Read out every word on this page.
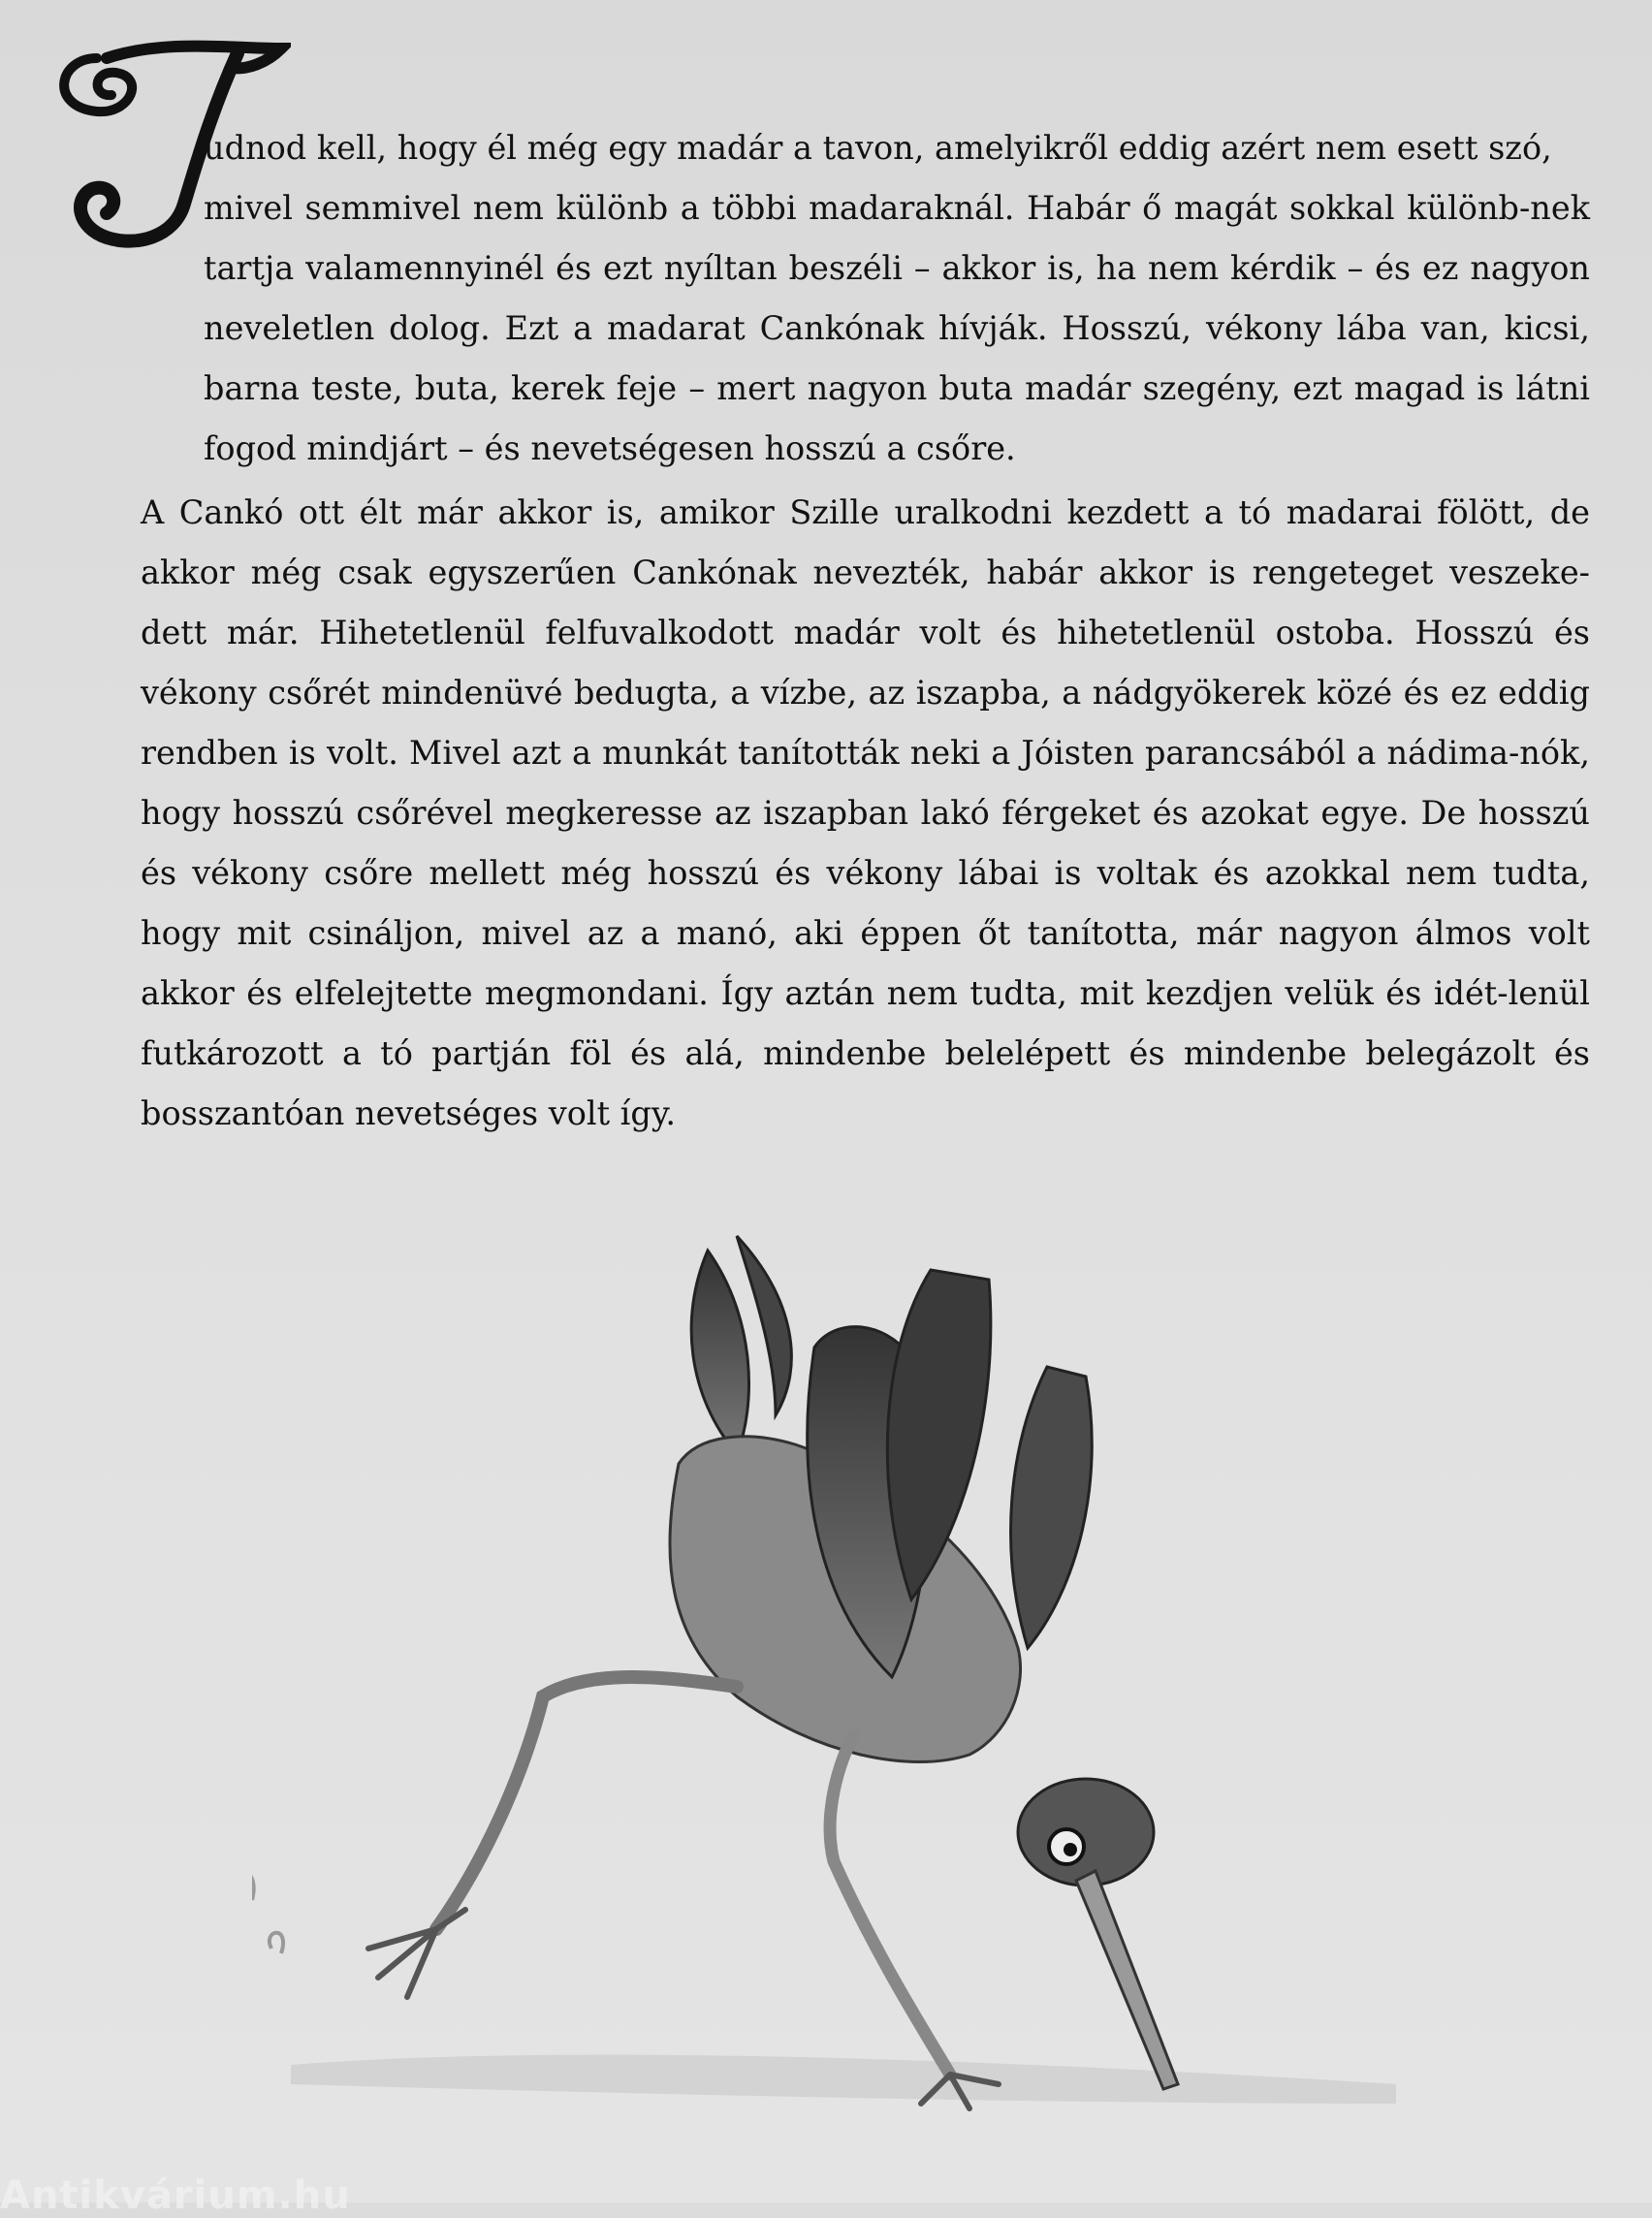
T

udnod kell, hogy él még egy madár a tavon, amelyikről eddig azért nem esett szó,
mivel semmivel nem különb a többi madaraknál. Habár ő magát sokkal különb-nek tartja valamennyinél és ezt nyíltan beszéli – akkor is, ha nem kérdik – és ez nagyon neveletlen dolog. Ezt a madarat Cankónak hívják. Hosszú, vékony lába van, kicsi, barna teste, buta, kerek feje – mert nagyon buta madár szegény, ezt magad is látni fogod mindjárt – és nevetségesen hosszú a csőre.

A Cankó ott élt már akkor is, amikor Szille uralkodni kezdett a tó madarai fölött, de akkor még csak egyszerűen Cankónak nevezték, habár akkor is rengeteget veszeke-dett már. Hihetetlenül felfuvalkodott madár volt és hihetetlenül ostoba. Hosszú és vékony csőrét mindenüvé bedugta, a vízbe, az iszapba, a nádgyökerek közé és ez eddig rendben is volt. Mivel azt a munkát tanították neki a Jóisten parancsából a nádima-nók, hogy hosszú csőrével megkeresse az iszapban lakó férgeket és azokat egye. De hosszú és vékony csőre mellett még hosszú és vékony lábai is voltak és azokkal nem tudta, hogy mit csináljon, mivel az a manó, aki éppen őt tanította, már nagyon álmos volt akkor és elfelejtette megmondani. Így aztán nem tudta, mit kezdjen velük és idét-lenül futkározott a tó partján föl és alá, mindenbe belelépett és mindenbe belegázolt és bosszantóan nevetséges volt így.

Antikvárium.hu
